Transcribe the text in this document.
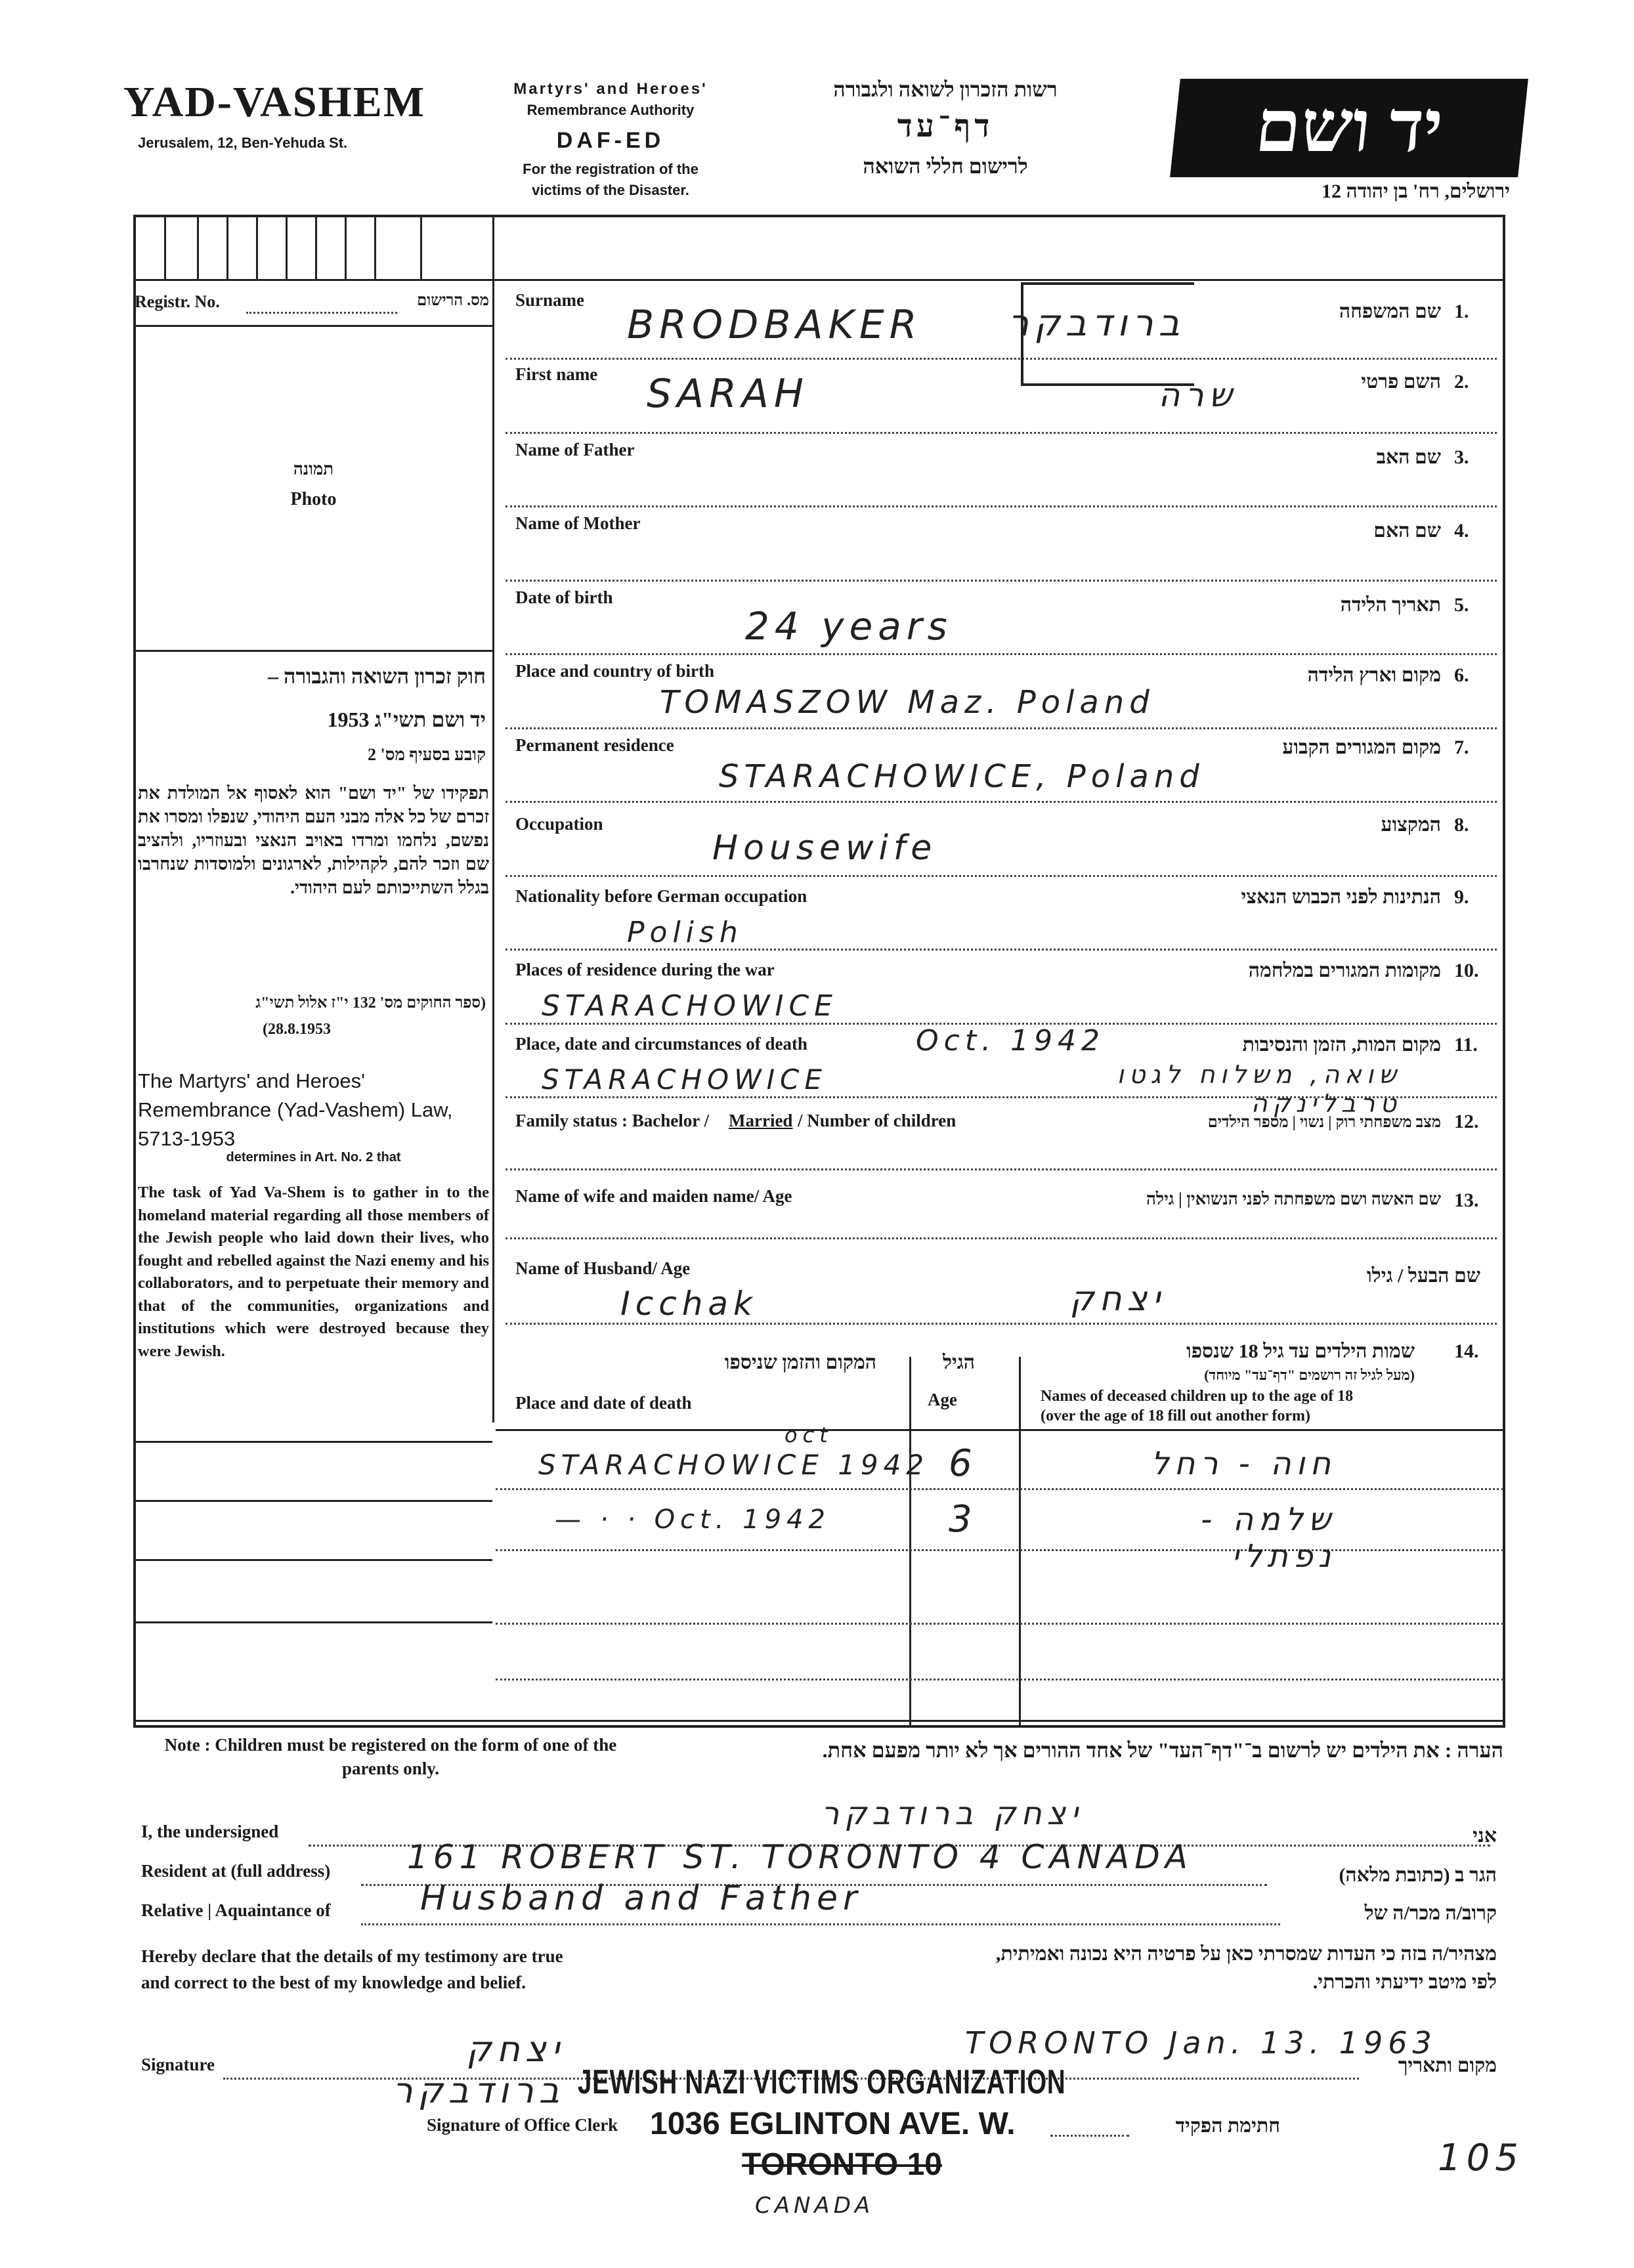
YAD-VASHEM
Jerusalem, 12, Ben-Yehuda St.
Martyrs' and Heroes'
Remembrance Authority
DAF-ED
For the registration of the
victims of the Disaster.
רשות הזכרון לשואה ולגבורה
דף־עד
לרישום חללי השואה	יד ושם
ירושלים, רח' בן יהודה 12
Registr. No.	מס. הרישום
תמונה
Photo
חוק זכרון השואה והגבורה –
יד ושם תשי"ג 1953
קובע בסעיף מס' 2
תפקידו של "יד ושם" הוא לאסוף אל המולדת את זכרם של כל אלה מבני העם היהודי, שנפלו ומסרו את נפשם, נלחמו ומרדו באויב הנאצי ובעוזריו, ולהציב שם וזכר להם, לקהילות, לארגונים ולמוסדות שנחרבו בגלל השתייכותם לעם היהודי.
(ספר החוקים מס' 132 י"ז אלול תשי"ג
(28.8.1953
The Martyrs' and Heroes' Remembrance (Yad-Vashem) Law, 5713-1953
determines in Art. No. 2 that
The task of Yad Va-Shem is to gather in to the homeland material regarding all those members of the Jewish people who laid down their lives, who fought and rebelled against the Nazi enemy and his collaborators, and to perpetuate their memory and that of the communities, organizations and institutions which were destroyed because they were Jewish.
Surname
BRODBAKER ברודבקר	שם המשפחה 1.
First name SARAH	שרה	השם פרטי 2.
Name of Father	שם האב 3.
Name of Mother	שם האם 4.
Date of birth
24 years	תאריך הלידה 5.
Place and country of birth
TOMASZOW Maz. Poland
מקום וארץ הלידה 6.
Permanent residence
STARACHOWICE, Poland
מקום המגורים הקבוע 7.
Occupation
Housewife
המקצוע 8.
Nationality before German occupation
Polish
הנתינות לפני הכבוש הנאצי 9.
Places of residence during the war
STARACHOWICE
מקומות המגורים במלחמה 10.
Place, date and circumstances of death
STARACHOWICE
Oct. 1942
שואה, משלוח לגטו טרבלינקה
מקום המות, הזמן והנסיבות 11.
Family status : Bachelor / Married / Number of children	מצב משפחתי רוק | נשוי | מספר הילדים 12.
Name of wife and maiden name/ Age	שם האשה ושם משפחתה לפני הנשואין | גילה 13.
Name of Husband/ Age
Icchak	יצחק
שם הבעל / גילו
המקום והזמן שניספו
Place and date of death
הגיל
Age
שמות הילדים עד גיל 18 שנספו
(מעל לגיל זה רושמים "דף־עד" מיוחד)
Names of deceased children up to the age of 18
(over the age of 18 fill out another form)
14.
oct
STARACHOWICE 1942 6	חוה - רחל
— · · Oct. 1942	3	שלמה - נפתלי
Note : Children must be registered on the form of one of the parents only.
הערה : את הילדים יש לרשום ב־"דף־העד" של אחד ההורים אך לא יותר מפעם אחת.
I, the undersigned	יצחק ברודבקר
אני
Resident at (full address) 161 ROBERT ST. TORONTO 4 CANADA	הגר ב (כתובת מלאה)
Relative | Aquaintance of	Husband and Father	קרוב/ה מכר/ה של
Hereby declare that the details of my testimony are true
and correct to the best of my knowledge and belief.
מצהיר/ה בזה כי העדות שמסרתי כאן על פרטיה היא נכונה ואמיתית,
לפי מיטב ידיעתי והכרתי.
Signature	יצחק ברודבקר
TORONTO Jan. 13. 1963
מקום ותאריך
JEWISH NAZI VICTIMS ORGANIZATION
Signature of Office Clerk 1036 EGLINTON AVE. W.	חתימת הפקיד
TORONTO 10
CANADA
105
